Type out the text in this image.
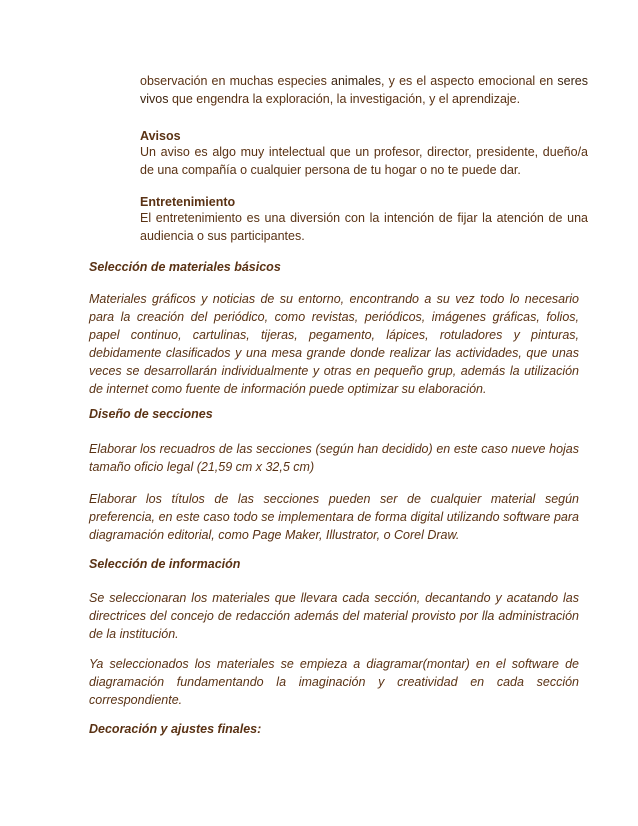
observación en muchas especies animales, y es el aspecto emocional en seres vivos que engendra la exploración, la investigación, y el aprendizaje.

Avisos

Un aviso es algo muy intelectual que un profesor, director, presidente, dueño/a de una compañía o cualquier persona de tu hogar o no te puede dar.

Entretenimiento

El entretenimiento es una diversión con la intención de fijar la atención de una audiencia o sus participantes.

Selección de materiales básicos

Materiales gráficos y noticias de su entorno, encontrando a su vez todo lo necesario para la creación del periódico, como revistas, periódicos, imágenes gráficas, folios, papel continuo, cartulinas, tijeras, pegamento, lápices, rotuladores y pinturas, debidamente clasificados y una mesa grande donde realizar las actividades, que unas veces se desarrollarán individualmente y otras en pequeño grup, además la utilización de internet como fuente de información puede optimizar su elaboración.

Diseño de secciones

Elaborar los recuadros de las secciones (según han decidido) en este caso nueve hojas tamaño oficio legal (21,59 cm x 32,5 cm)

Elaborar los títulos de las secciones pueden ser de cualquier material según preferencia, en este caso todo se implementara de forma digital utilizando software para diagramación editorial, como Page Maker, Illustrator, o Corel Draw.

Selección de información

Se seleccionaran los materiales que llevara cada sección, decantando y acatando las directrices del concejo de redacción además del material provisto por lla administración de la institución.

Ya seleccionados los materiales se empieza a diagramar(montar) en el software de diagramación fundamentando la imaginación y creatividad en cada sección correspondiente.

Decoración y ajustes finales:
